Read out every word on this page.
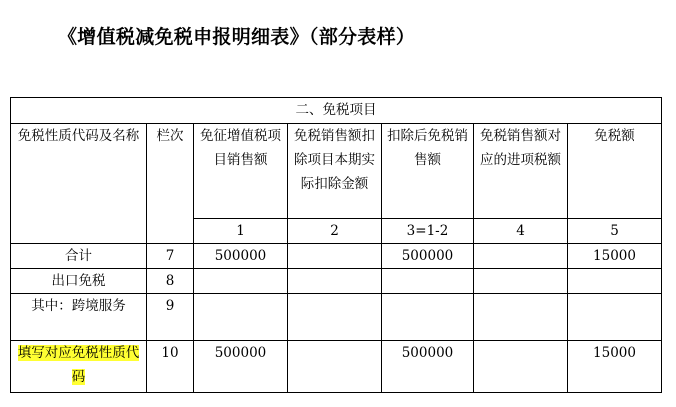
《增值税减免税申报明细表》（部分表样）
二、免税项目						
免税性质代码及名称	栏次	免征增值税项目销售额	免税销售额扣除项目本期实际扣除金额	扣除后免税销售额	免税销售额对应的进项税额	免税额
		1	2	3=1-2	4	5
合计	7	500000		500000		15000
出口免税	8					
其中：跨境服务	9					
填写对应免税性质代码	10	500000		500000		15000
